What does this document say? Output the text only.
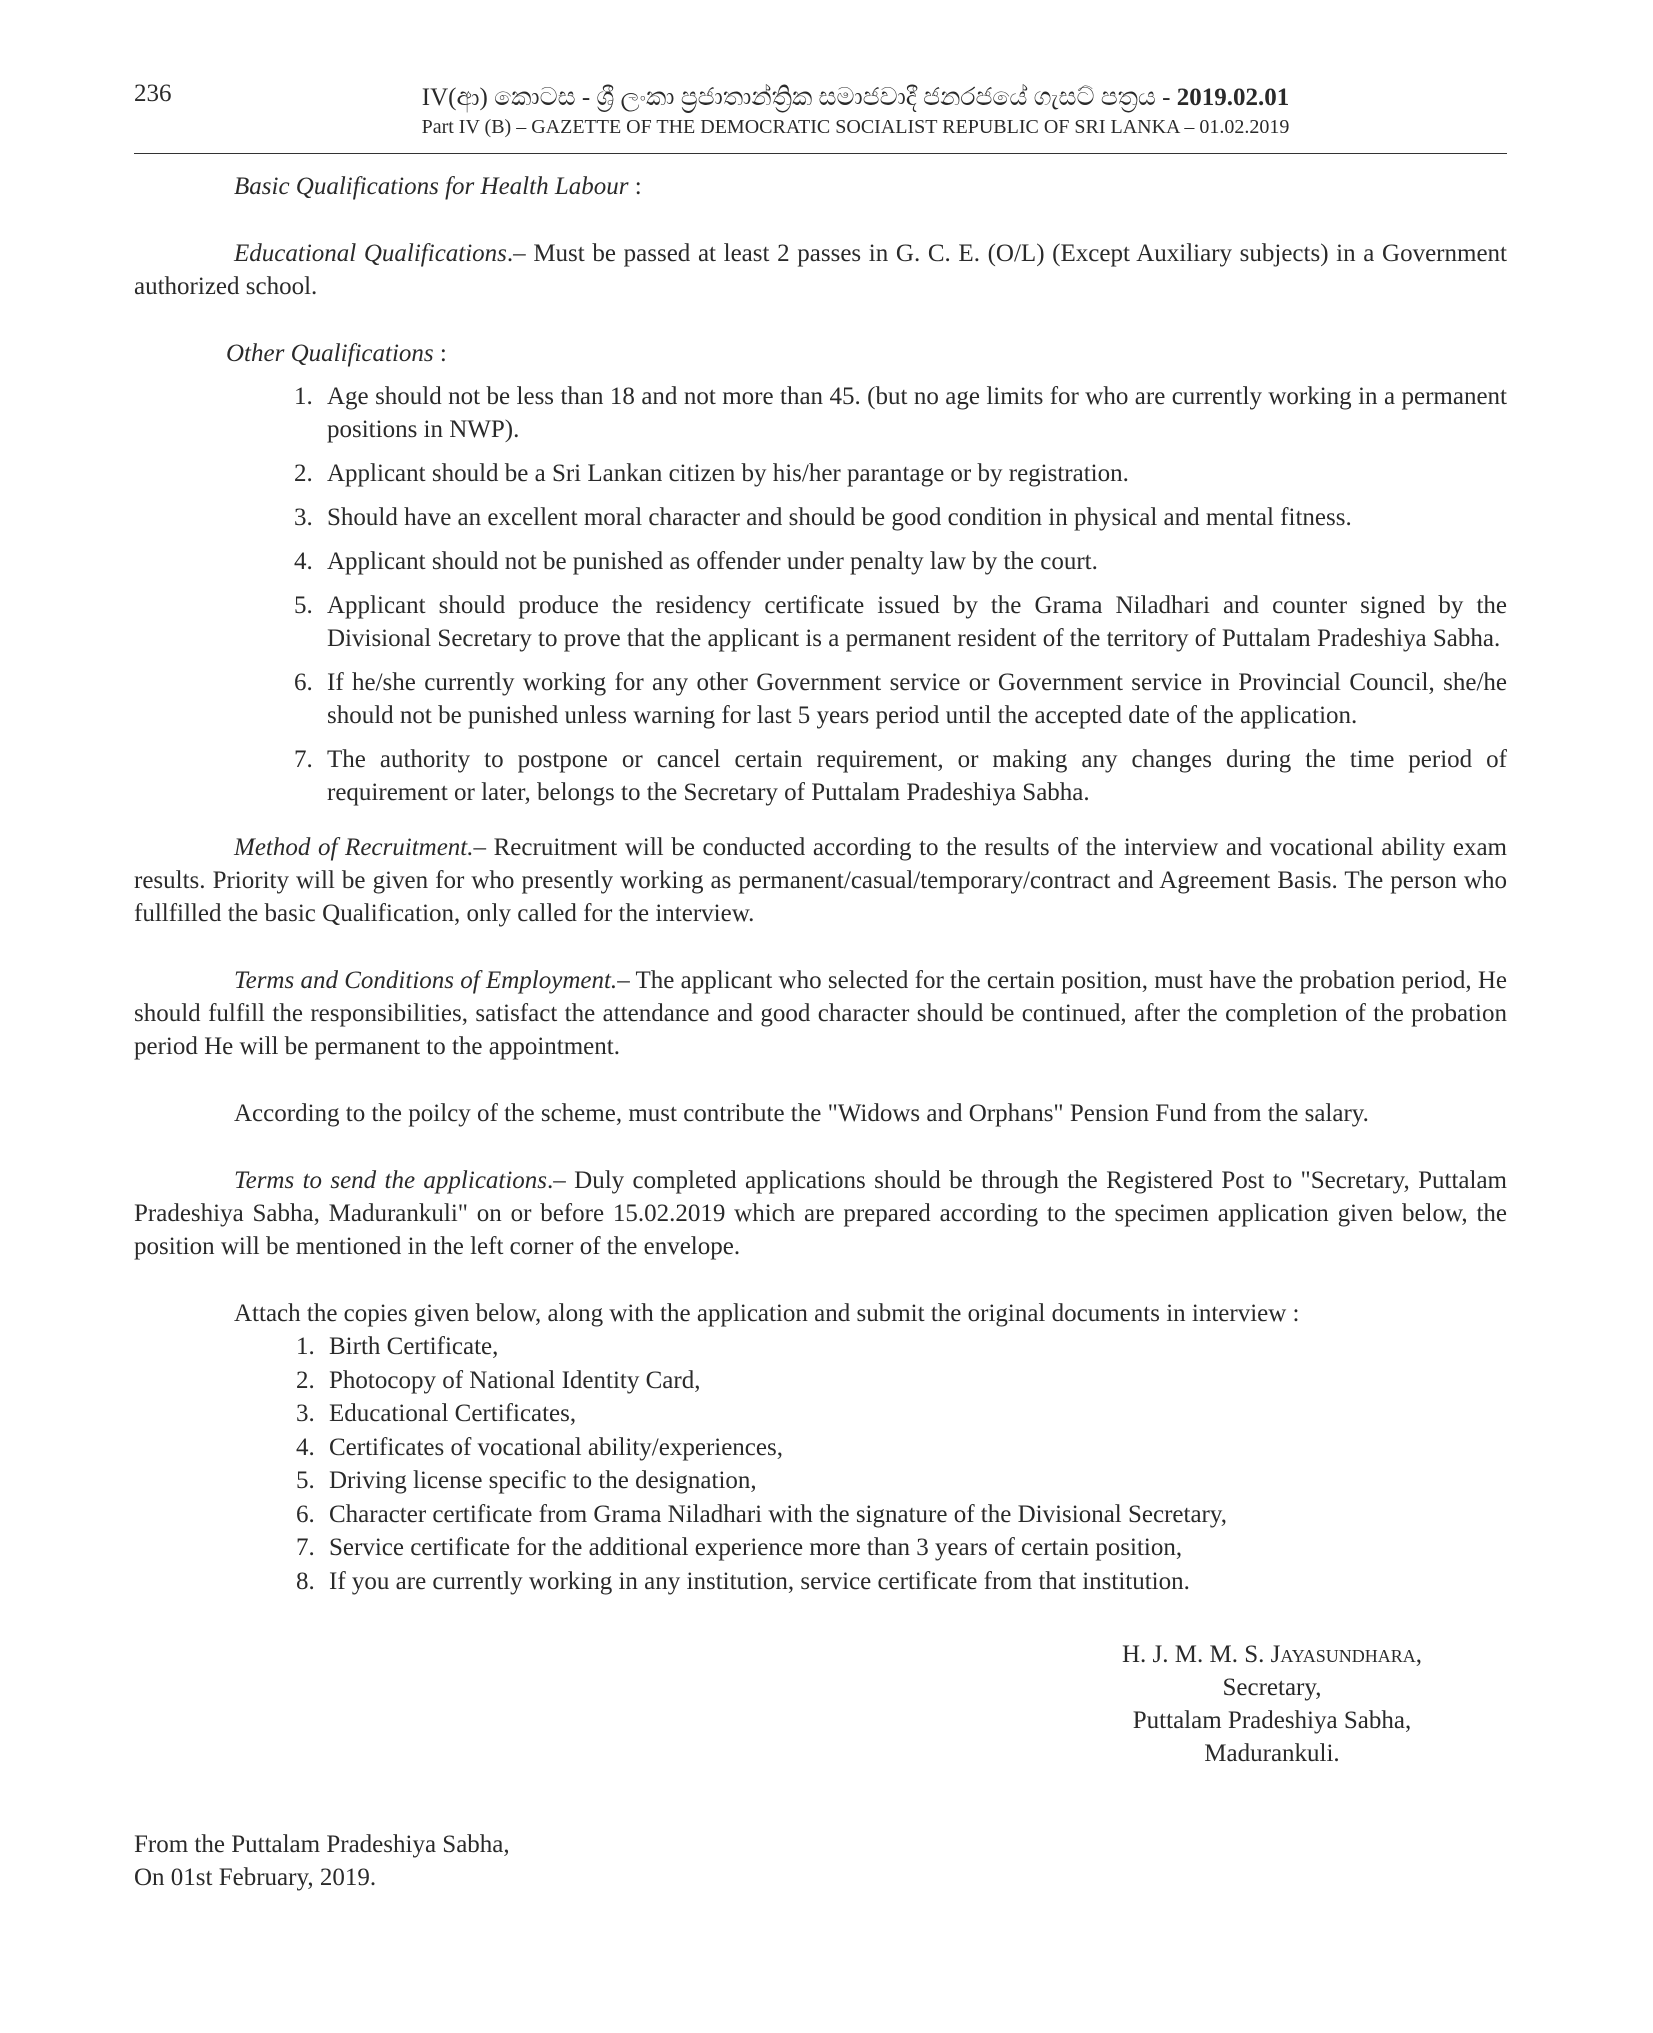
236	IV(ආ) කොටස - ශ්‍රී ලංකා ප්‍රජාතාන්ත්‍රික සමාජවාදී ජනරජයේ ගැසට් පත්‍රය - 2019.02.01
Part IV (B) – GAZETTE OF THE DEMOCRATIC SOCIALIST REPUBLIC OF SRI LANKA – 01.02.2019

Basic Qualifications for Health Labour :

Educational Qualifications.– Must be passed at least 2 passes in G. C. E. (O/L) (Except Auxiliary subjects) in a Government authorized school.

Other Qualifications :

1. Age should not be less than 18 and not more than 45. (but no age limits for who are currently working in a permanent positions in NWP).
2. Applicant should be a Sri Lankan citizen by his/her parantage or by registration.
3. Should have an excellent moral character and should be good condition in physical and mental fitness.
4. Applicant should not be punished as offender under penalty law by the court.
5. Applicant should produce the residency certificate issued by the Grama Niladhari and counter signed by the Divisional Secretary to prove that the applicant is a permanent resident of the territory of Puttalam Pradeshiya Sabha.
6. If he/she currently working for any other Government service or Government service in Provincial Council, she/he should not be punished unless warning for last 5 years period until the accepted date of the application.
7. The authority to postpone or cancel certain requirement, or making any changes during the time period of requirement or later, belongs to the Secretary of Puttalam Pradeshiya Sabha.

Method of Recruitment.– Recruitment will be conducted according to the results of the interview and vocational ability exam results. Priority will be given for who presently working as permanent/casual/temporary/contract and Agreement Basis. The person who fullfilled the basic Qualification, only called for the interview.

Terms and Conditions of Employment.– The applicant who selected for the certain position, must have the probation period, He should fulfill the responsibilities, satisfact the attendance and good character should be continued, after the completion of the probation period He will be permanent to the appointment.

According to the poilcy of the scheme, must contribute the "Widows and Orphans" Pension Fund from the salary.

Terms to send the applications.– Duly completed applications should be through the Registered Post to "Secretary, Puttalam Pradeshiya Sabha, Madurankuli" on or before 15.02.2019 which are prepared according to the specimen application given below, the position will be mentioned in the left corner of the envelope.

Attach the copies given below, along with the application and submit the original documents in interview :

1. Birth Certificate,
2. Photocopy of National Identity Card,
3. Educational Certificates,
4. Certificates of vocational ability/experiences,
5. Driving license specific to the designation,
6. Character certificate from Grama Niladhari with the signature of the Divisional Secretary,
7. Service certificate for the additional experience more than 3 years of certain position,
8. If you are currently working in any institution, service certificate from that institution.
H. J. M. M. S. Jayasundhara,
Secretary,
Puttalam Pradeshiya Sabha,
Madurankuli.
From the Puttalam Pradeshiya Sabha,
On 01st February, 2019.
